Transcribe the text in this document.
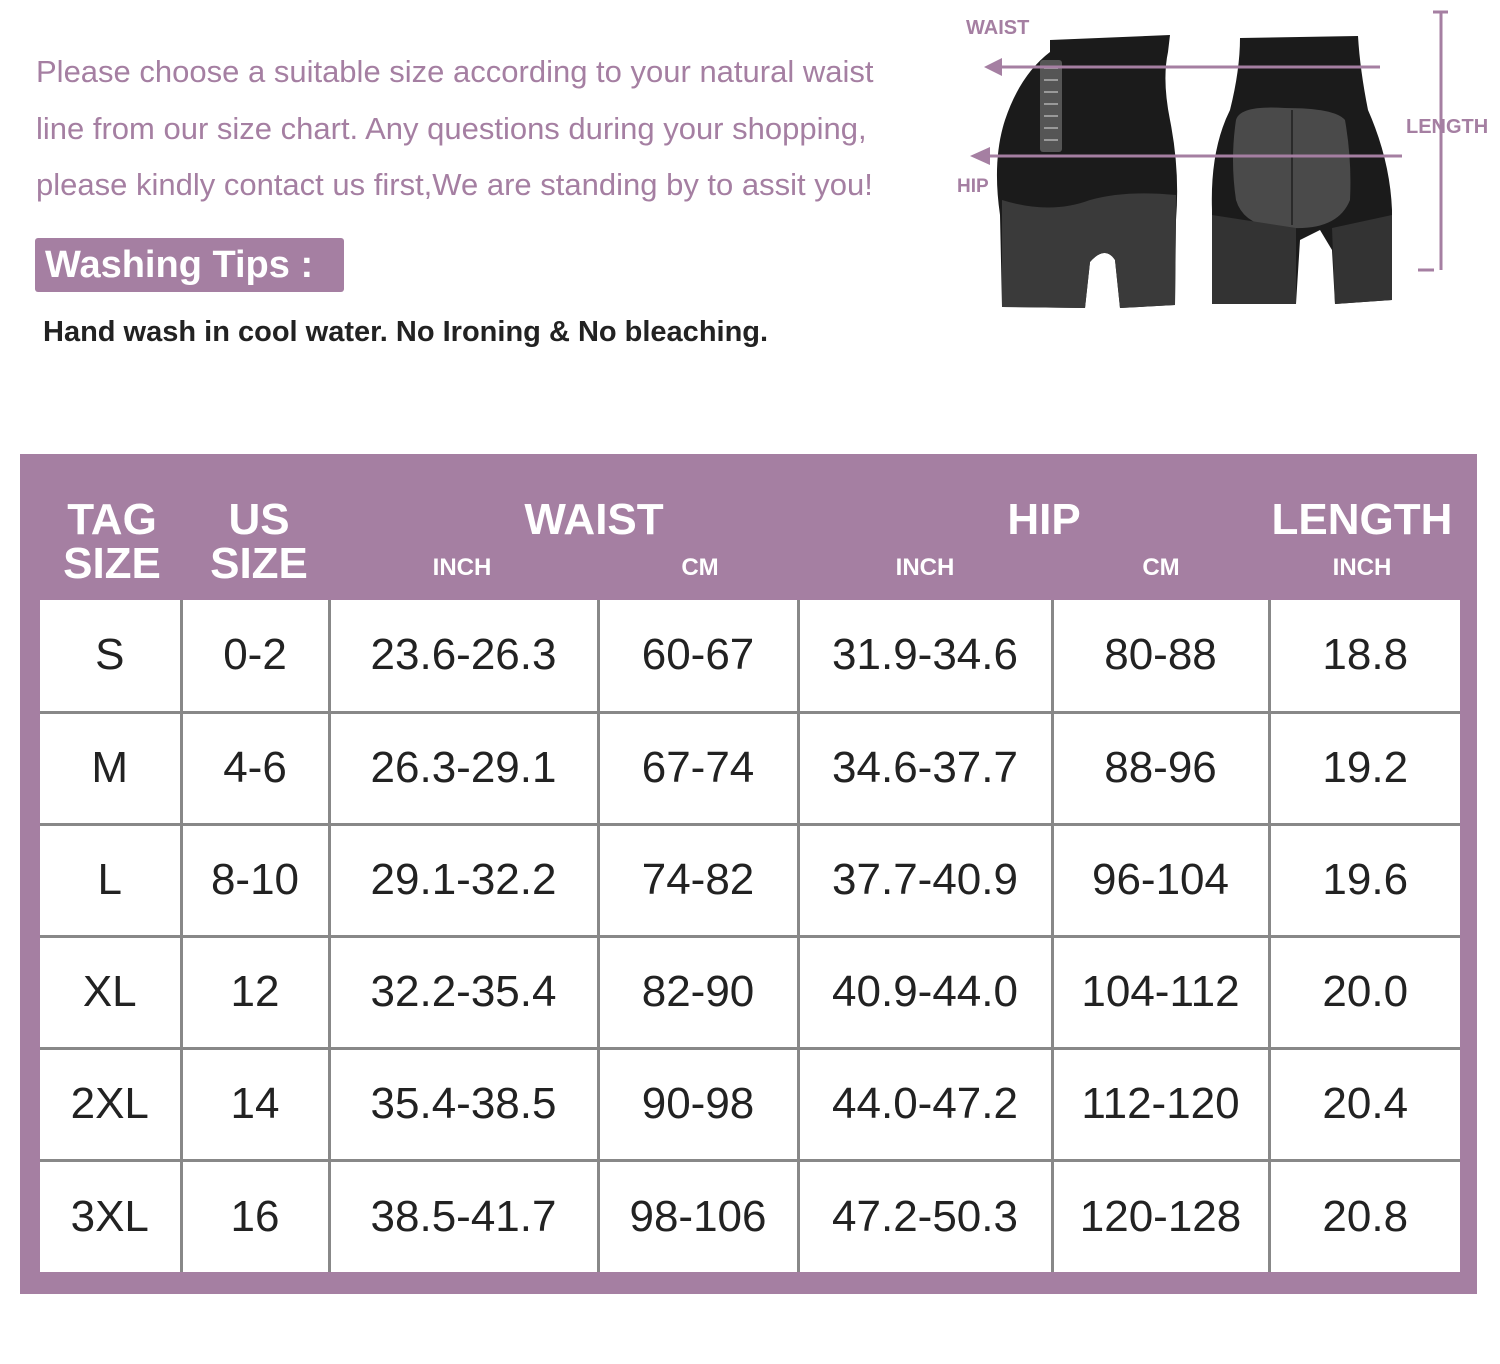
Please choose a suitable size according to your natural waist
line from our size chart. Any questions during your shopping,
please kindly contact us first,We are standing by to assit you!

Washing Tips :
Hand wash in cool water. No Ironing & No bleaching.
WAIST
HIP
LENGTH
TAG
SIZE
US
SIZE
WAIST	HIP	LENGTH
INCH	CM	INCH	CM	INCH
S	0-2	23.6-26.3	60-67	31.9-34.6	80-88	18.8
M	4-6	26.3-29.1	67-74	34.6-37.7	88-96	19.2
L	8-10	29.1-32.2	74-82	37.7-40.9	96-104	19.6
XL	12	32.2-35.4	82-90	40.9-44.0	104-112	20.0
2XL	14	35.4-38.5	90-98	44.0-47.2	112-120	20.4
3XL	16	38.5-41.7	98-106	47.2-50.3	120-128	20.8
